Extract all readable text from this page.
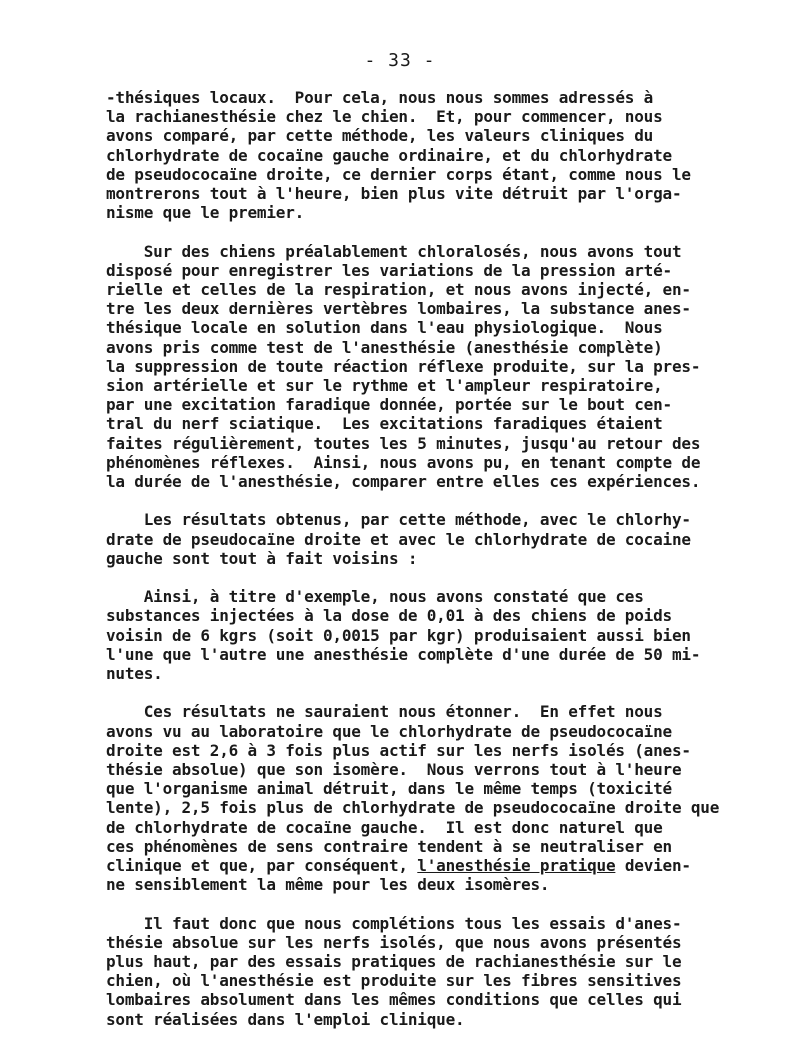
- 33 -

-thésiques locaux.  Pour cela, nous nous sommes adressés à
la rachianesthésie chez le chien.  Et, pour commencer, nous
avons comparé, par cette méthode, les valeurs cliniques du
chlorhydrate de cocaïne gauche ordinaire, et du chlorhydrate
de pseudococaïne droite, ce dernier corps étant, comme nous le
montrerons tout à l'heure, bien plus vite détruit par l'orga-
nisme que le premier.

Sur des chiens préalablement chloralosés, nous avons tout
disposé pour enregistrer les variations de la pression arté-
rielle et celles de la respiration, et nous avons injecté, en-
tre les deux dernières vertèbres lombaires, la substance anes-
thésique locale en solution dans l'eau physiologique.  Nous
avons pris comme test de l'anesthésie (anesthésie complète)
la suppression de toute réaction réflexe produite, sur la pres-
sion artérielle et sur le rythme et l'ampleur respiratoire,
par une excitation faradique donnée, portée sur le bout cen-
tral du nerf sciatique.  Les excitations faradiques étaient
faites régulièrement, toutes les 5 minutes, jusqu'au retour des
phénomènes réflexes.  Ainsi, nous avons pu, en tenant compte de
la durée de l'anesthésie, comparer entre elles ces expériences.

Les résultats obtenus, par cette méthode, avec le chlorhy-
drate de pseudocaïne droite et avec le chlorhydrate de cocaine
gauche sont tout à fait voisins :

Ainsi, à titre d'exemple, nous avons constaté que ces
substances injectées à la dose de 0,01 à des chiens de poids
voisin de 6 kgrs (soit 0,0015 par kgr) produisaient aussi bien
l'une que l'autre une anesthésie complète d'une durée de 50 mi-
nutes.

Ces résultats ne sauraient nous étonner.  En effet nous
avons vu au laboratoire que le chlorhydrate de pseudococaïne
droite est 2,6 à 3 fois plus actif sur les nerfs isolés (anes-
thésie absolue) que son isomère.  Nous verrons tout à l'heure
que l'organisme animal détruit, dans le même temps (toxicité
lente), 2,5 fois plus de chlorhydrate de pseudococaïne droite que
de chlorhydrate de cocaïne gauche.  Il est donc naturel que
ces phénomènes de sens contraire tendent à se neutraliser en
clinique et que, par conséquent, l'anesthésie pratique devien-
ne sensiblement la même pour les deux isomères.

Il faut donc que nous complétions tous les essais d'anes-
thésie absolue sur les nerfs isolés, que nous avons présentés
plus haut, par des essais pratiques de rachianesthésie sur le
chien, où l'anesthésie est produite sur les fibres sensitives
lombaires absolument dans les mêmes conditions que celles qui
sont réalisées dans l'emploi clinique.
